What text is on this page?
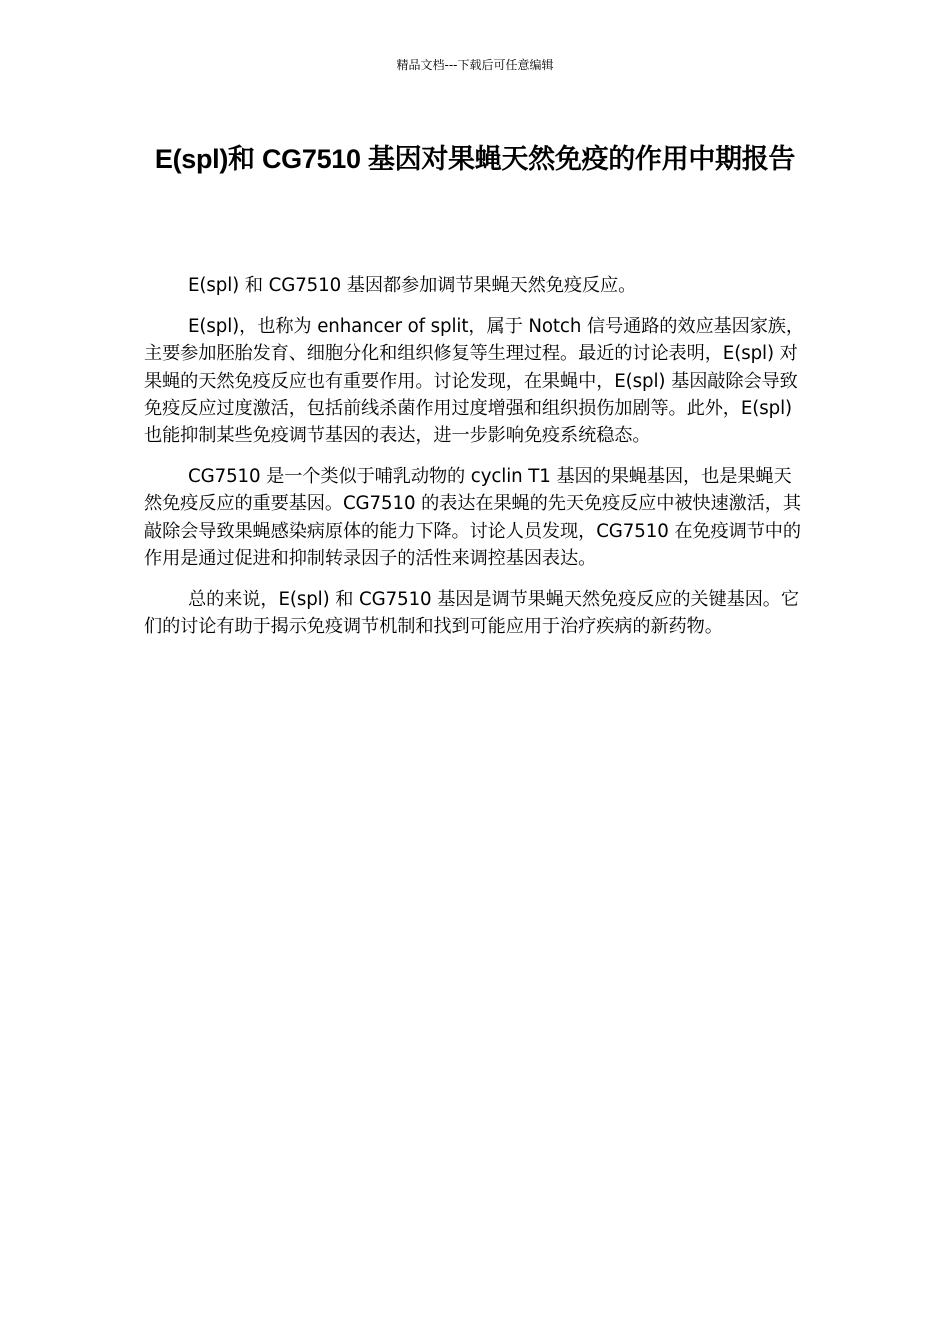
精品文档---下载后可任意编辑
E(spl)和 CG7510 基因对果蝇天然免疫的作用中期报告

E(spl) 和 CG7510 基因都参加调节果蝇天然免疫反应。

E(spl)，也称为 enhancer of split，属于 Notch 信号通路的效应基因家族，主要参加胚胎发育、细胞分化和组织修复等生理过程。最近的讨论表明，E(spl) 对果蝇的天然免疫反应也有重要作用。讨论发现，在果蝇中，E(spl) 基因敲除会导致免疫反应过度激活，包括前线杀菌作用过度增强和组织损伤加剧等。此外，E(spl) 也能抑制某些免疫调节基因的表达，进一步影响免疫系统稳态。

CG7510 是一个类似于哺乳动物的 cyclin T1 基因的果蝇基因，也是果蝇天然免疫反应的重要基因。CG7510 的表达在果蝇的先天免疫反应中被快速激活，其敲除会导致果蝇感染病原体的能力下降。讨论人员发现，CG7510 在免疫调节中的作用是通过促进和抑制转录因子的活性来调控基因表达。

总的来说，E(spl) 和 CG7510 基因是调节果蝇天然免疫反应的关键基因。它们的讨论有助于揭示免疫调节机制和找到可能应用于治疗疾病的新药物。
